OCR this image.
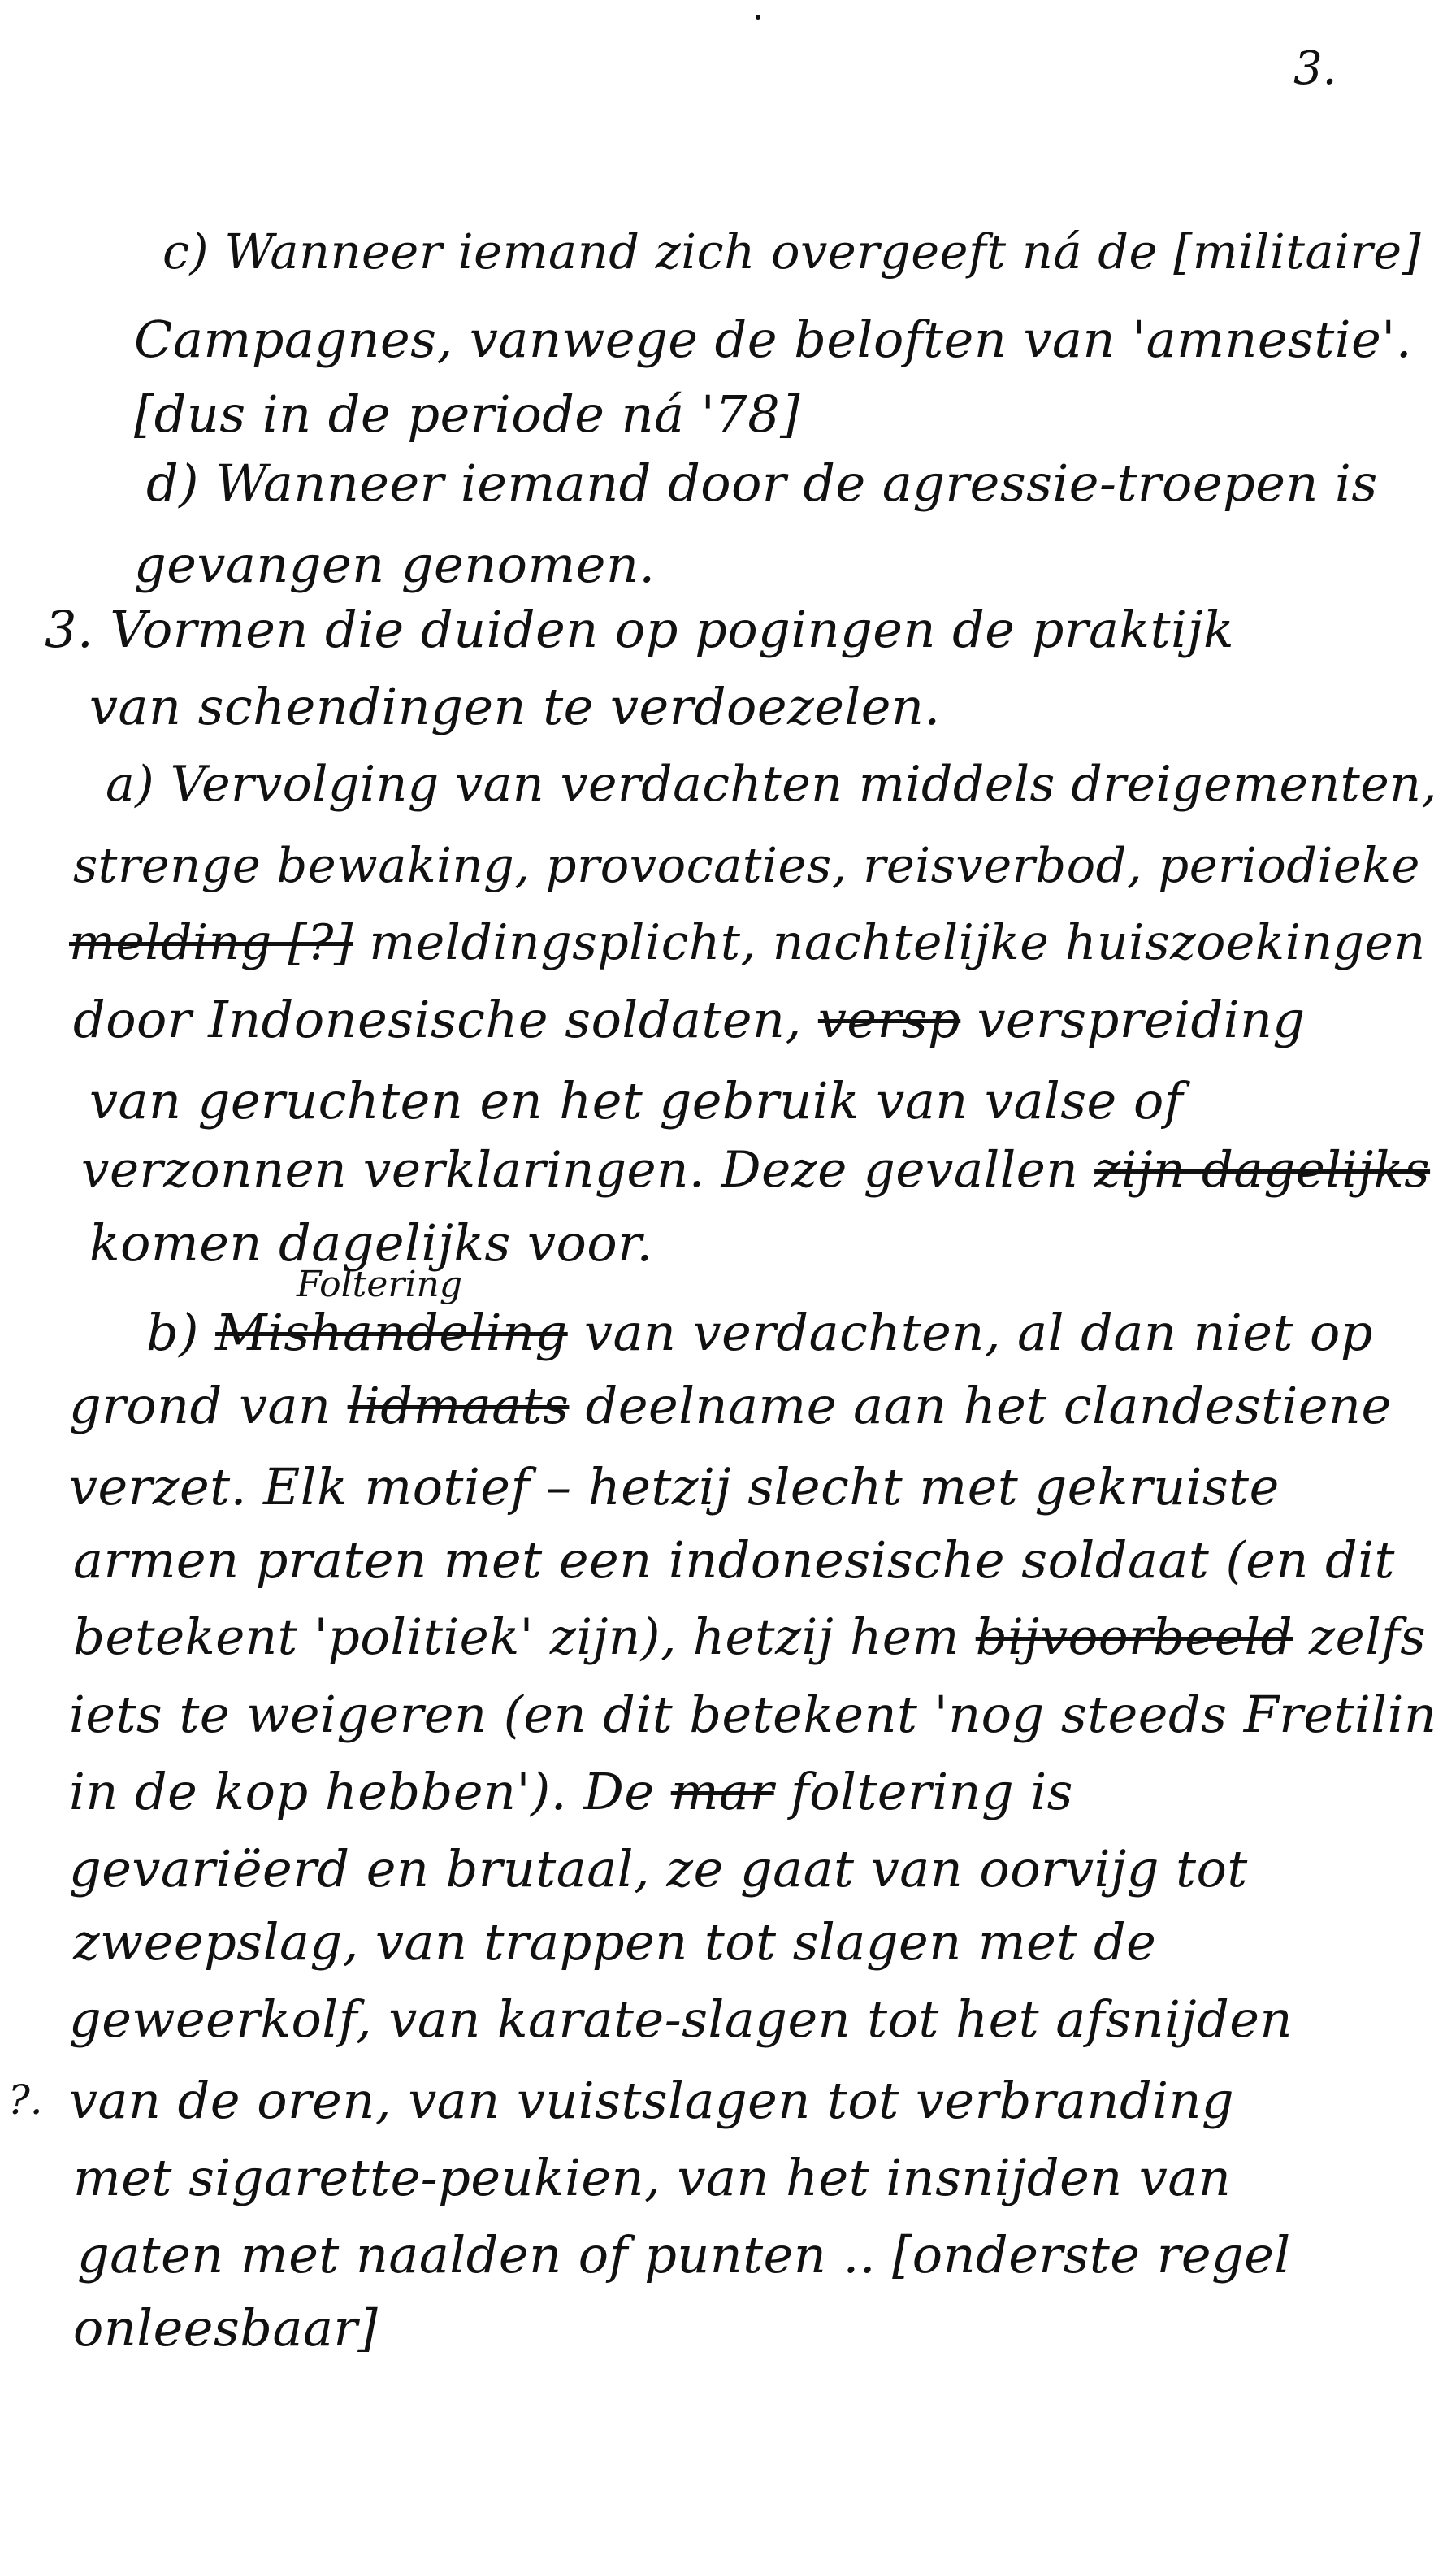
3.
c) Wanneer iemand zich overgeeft ná de [militaire]
Campagnes, vanwege de beloften van 'amnestie'.
[dus in de periode ná '78]
d) Wanneer iemand door de agressie-troepen is
gevangen genomen.
3. Vormen die duiden op pogingen de praktijk
van schendingen te verdoezelen.
a) Vervolging van verdachten middels dreigementen,
strenge bewaking, provocaties, reisverbod, periodieke
melding [?] meldingsplicht, nachtelijke huiszoekingen
door Indonesische soldaten, versp verspreiding
van geruchten en het gebruik van valse of
verzonnen verklaringen. Deze gevallen zijn dagelijks
komen dagelijks voor.
Foltering
b) Mishandeling van verdachten, al dan niet op
grond van lidmaats deelname aan het clandestiene
verzet. Elk motief – hetzij slecht met gekruiste
armen praten met een indonesische soldaat (en dit
betekent 'politiek' zijn), hetzij hem bijvoorbeeld zelfs
iets te weigeren (en dit betekent 'nog steeds Fretilin
in de kop hebben'). De mar foltering is
gevariëerd en brutaal, ze gaat van oorvijg tot
zweepslag, van trappen tot slagen met de
geweerkolf, van karate-slagen tot het afsnijden
?. van de oren, van vuistslagen tot verbranding
met sigarette-peukien, van het insnijden van
gaten met naalden of punten .. [onderste regel
onleesbaar]
